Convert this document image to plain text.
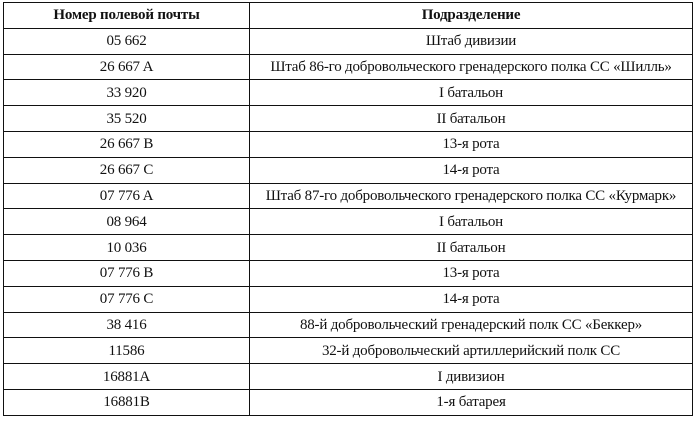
Номер полевой почты	Подразделение
05 662	Штаб дивизии
26 667 A	Штаб 86-го добровольческого гренадерского полка СС «Шилль»
33 920	I батальон
35 520	II батальон
26 667 B	13-я рота
26 667 C	14-я рота
07 776 A	Штаб 87-го добровольческого гренадерского полка СС «Курмарк»
08 964	I батальон
10 036	II батальон
07 776 B	13-я рота
07 776 C	14-я рота
38 416	88-й добровольческий гренадерский полк СС «Беккер»
11586	32-й добровольческий артиллерийский полк СС
16881A	I дивизион
16881B	1-я батарея
